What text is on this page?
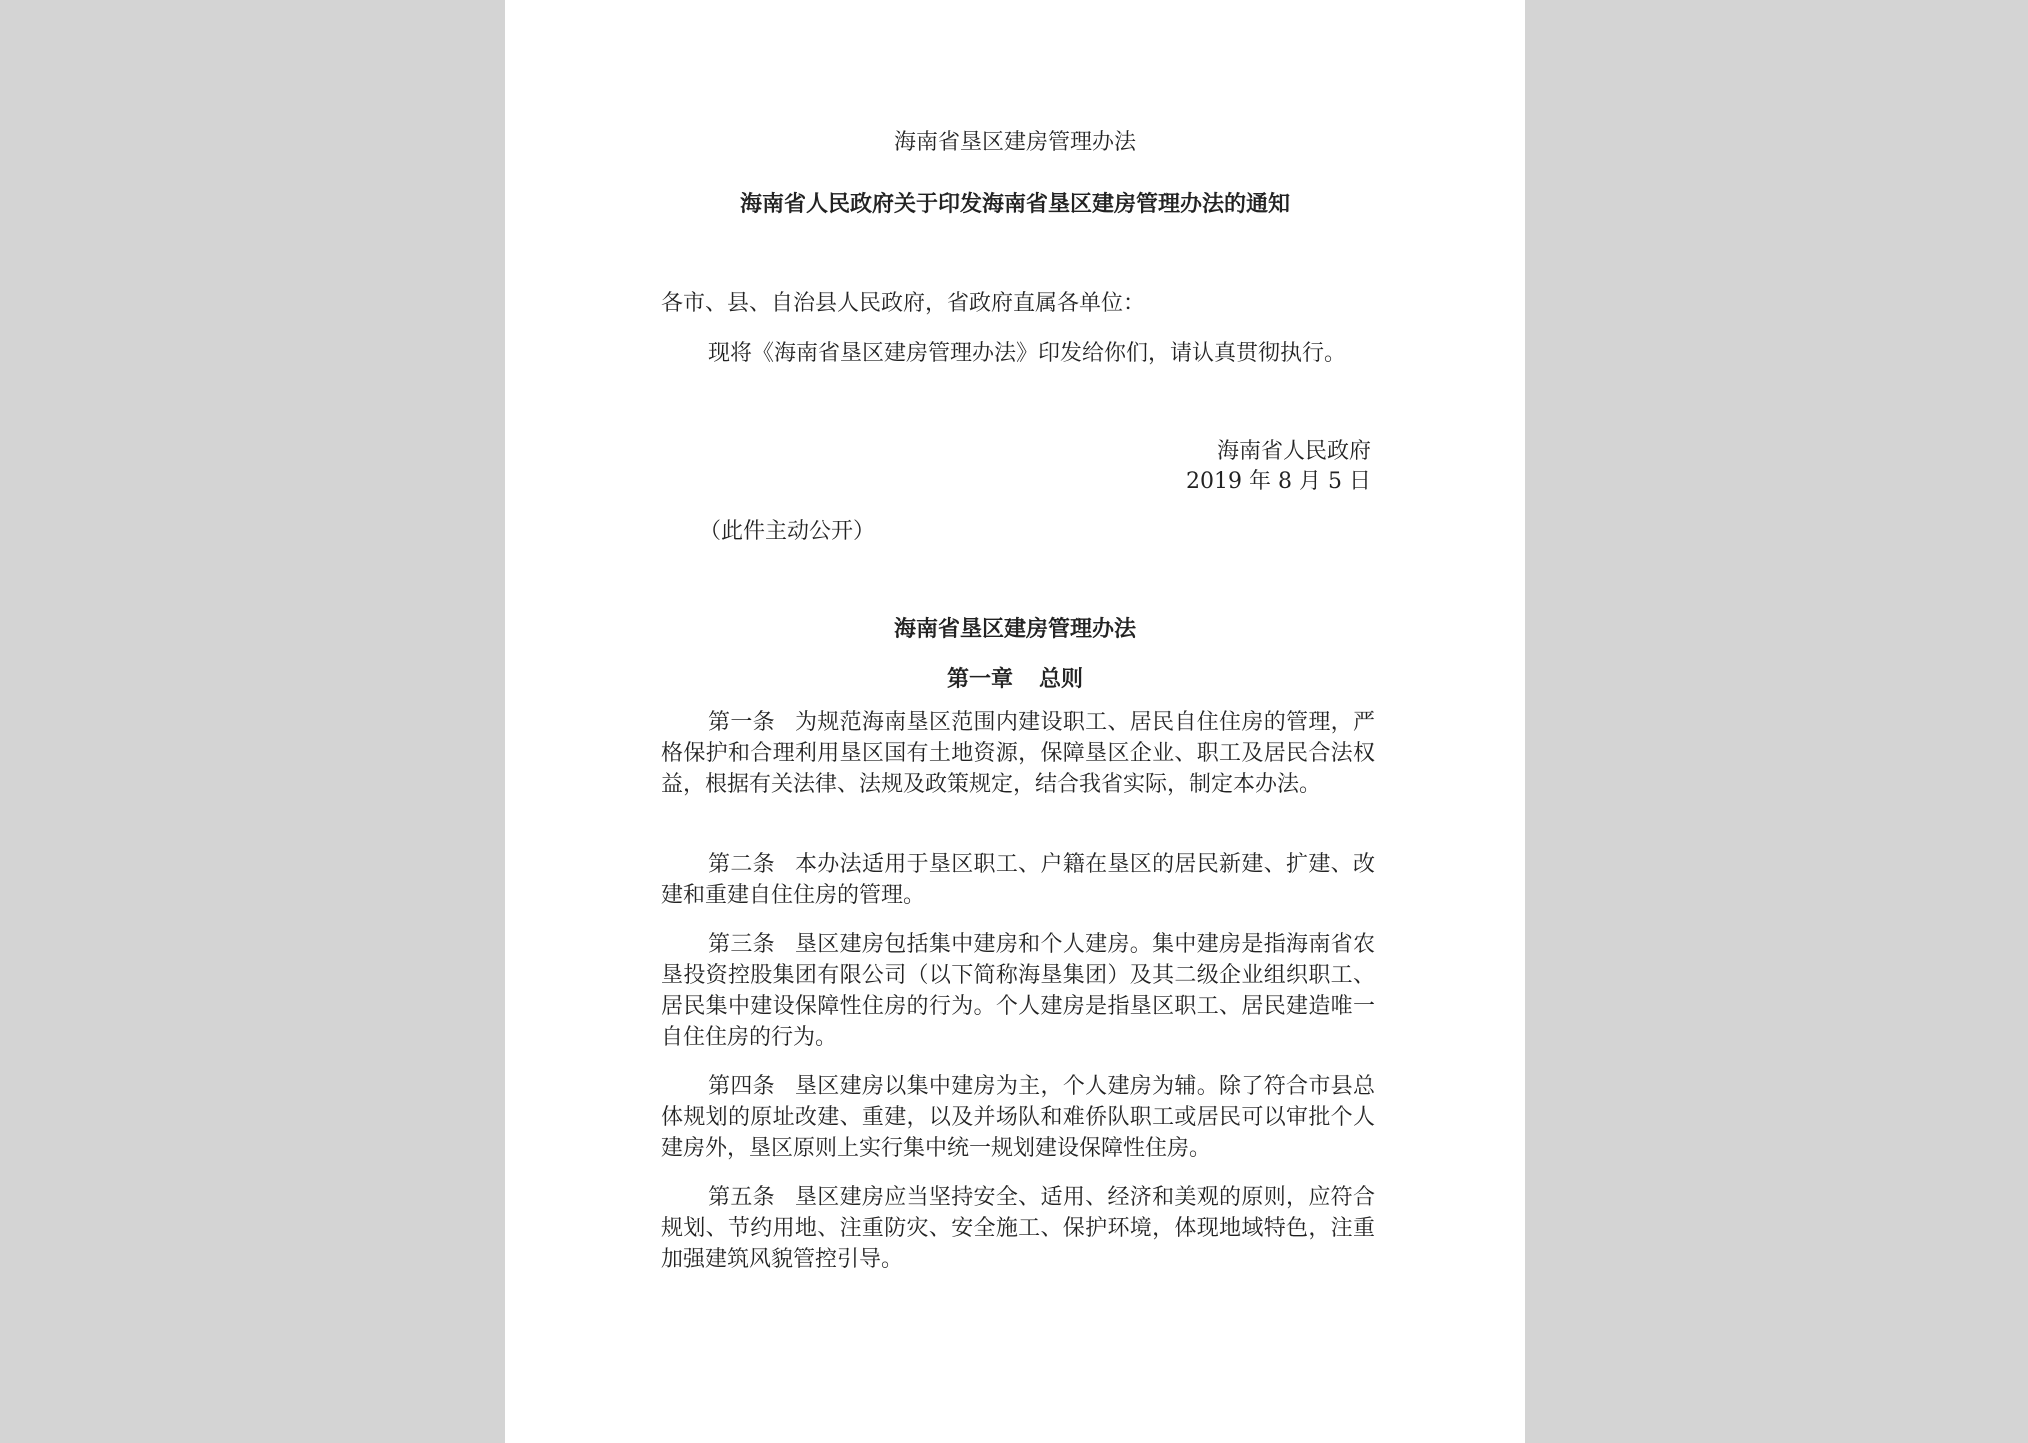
海南省垦区建房管理办法

海南省人民政府关于印发海南省垦区建房管理办法的通知

各市、县、自治县人民政府，省政府直属各单位：

现将《海南省垦区建房管理办法》印发给你们，请认真贯彻执行。

海南省人民政府

2019 年 8 月 5 日

（此件主动公开）

海南省垦区建房管理办法

第一章 总则

第一条 为规范海南垦区范围内建设职工、居民自住住房的管理，严格保护和合理利用垦区国有土地资源，保障垦区企业、职工及居民合法权益，根据有关法律、法规及政策规定，结合我省实际，制定本办法。

第二条 本办法适用于垦区职工、户籍在垦区的居民新建、扩建、改建和重建自住住房的管理。

第三条 垦区建房包括集中建房和个人建房。集中建房是指海南省农垦投资控股集团有限公司（以下简称海垦集团）及其二级企业组织职工、居民集中建设保障性住房的行为。个人建房是指垦区职工、居民建造唯一自住住房的行为。

第四条 垦区建房以集中建房为主，个人建房为辅。除了符合市县总体规划的原址改建、重建，以及并场队和难侨队职工或居民可以审批个人建房外，垦区原则上实行集中统一规划建设保障性住房。

第五条 垦区建房应当坚持安全、适用、经济和美观的原则，应符合规划、节约用地、注重防灾、安全施工、保护环境，体现地域特色，注重加强建筑风貌管控引导。
